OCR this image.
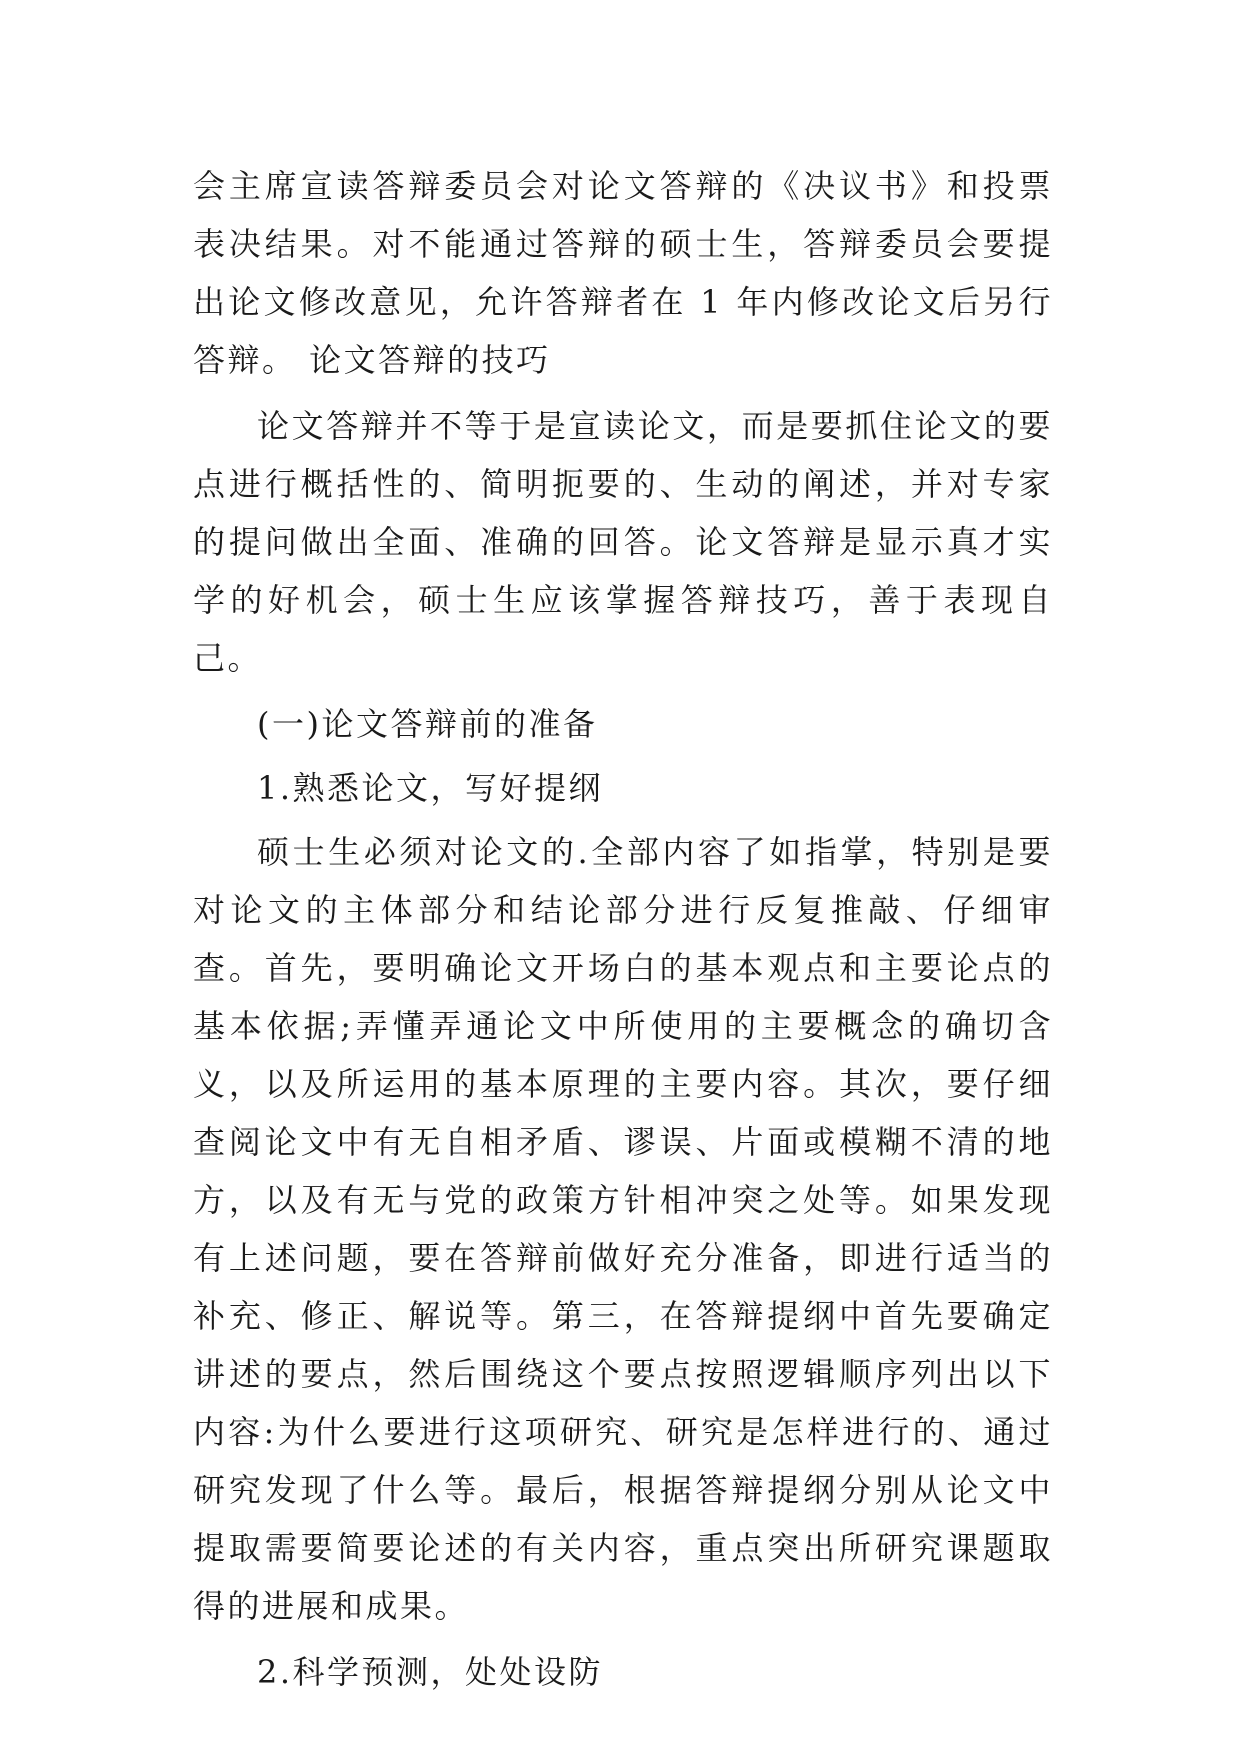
会主席宣读答辩委员会对论文答辩的《决议书》和投票表决结果。对不能通过答辩的硕士生，答辩委员会要提出论文修改意见，允许答辩者在 1 年内修改论文后另行答辩。 论文答辩的技巧

论文答辩并不等于是宣读论文，而是要抓住论文的要点进行概括性的、简明扼要的、生动的阐述，并对专家的提问做出全面、准确的回答。论文答辩是显示真才实学的好机会，硕士生应该掌握答辩技巧，善于表现自己。

(一)论文答辩前的准备

1.熟悉论文，写好提纲

硕士生必须对论文的.全部内容了如指掌，特别是要对论文的主体部分和结论部分进行反复推敲、仔细审查。首先，要明确论文开场白的基本观点和主要论点的基本依据;弄懂弄通论文中所使用的主要概念的确切含义，以及所运用的基本原理的主要内容。其次，要仔细查阅论文中有无自相矛盾、谬误、片面或模糊不清的地方，以及有无与党的政策方针相冲突之处等。如果发现有上述问题，要在答辩前做好充分准备，即进行适当的补充、修正、解说等。第三，在答辩提纲中首先要确定讲述的要点，然后围绕这个要点按照逻辑顺序列出以下内容:为什么要进行这项研究、研究是怎样进行的、通过研究发现了什么等。最后，根据答辩提纲分别从论文中提取需要简要论述的有关内容，重点突出所研究课题取得的进展和成果。

2.科学预测，处处设防
